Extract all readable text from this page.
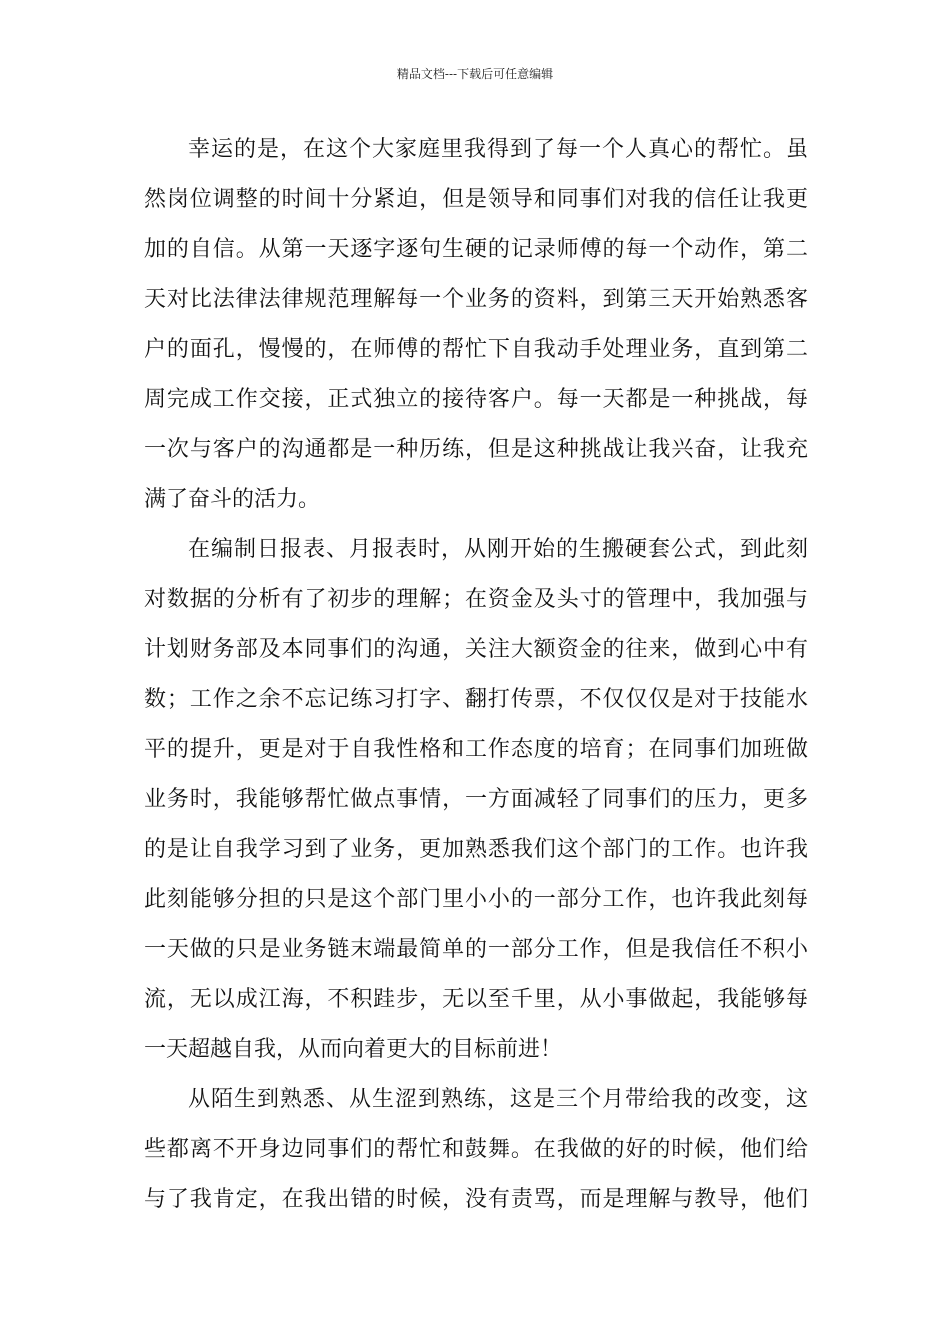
精品文档---下载后可任意编辑
幸运的是，在这个大家庭里我得到了每一个人真心的帮忙。虽
然岗位调整的时间十分紧迫，但是领导和同事们对我的信任让我更
加的自信。从第一天逐字逐句生硬的记录师傅的每一个动作，第二
天对比法律法律规范理解每一个业务的资料，到第三天开始熟悉客
户的面孔，慢慢的，在师傅的帮忙下自我动手处理业务，直到第二
周完成工作交接，正式独立的接待客户。每一天都是一种挑战，每
一次与客户的沟通都是一种历练，但是这种挑战让我兴奋，让我充
满了奋斗的活力。
在编制日报表、月报表时，从刚开始的生搬硬套公式，到此刻
对数据的分析有了初步的理解；在资金及头寸的管理中，我加强与
计划财务部及本同事们的沟通，关注大额资金的往来，做到心中有
数；工作之余不忘记练习打字、翻打传票，不仅仅仅是对于技能水
平的提升，更是对于自我性格和工作态度的培育；在同事们加班做
业务时，我能够帮忙做点事情，一方面减轻了同事们的压力，更多
的是让自我学习到了业务，更加熟悉我们这个部门的工作。也许我
此刻能够分担的只是这个部门里小小的一部分工作，也许我此刻每
一天做的只是业务链末端最简单的一部分工作，但是我信任不积小
流，无以成江海，不积跬步，无以至千里，从小事做起，我能够每
一天超越自我，从而向着更大的目标前进！
从陌生到熟悉、从生涩到熟练，这是三个月带给我的改变，这
些都离不开身边同事们的帮忙和鼓舞。在我做的好的时候，他们给
与了我肯定，在我出错的时候，没有责骂，而是理解与教导，他们
